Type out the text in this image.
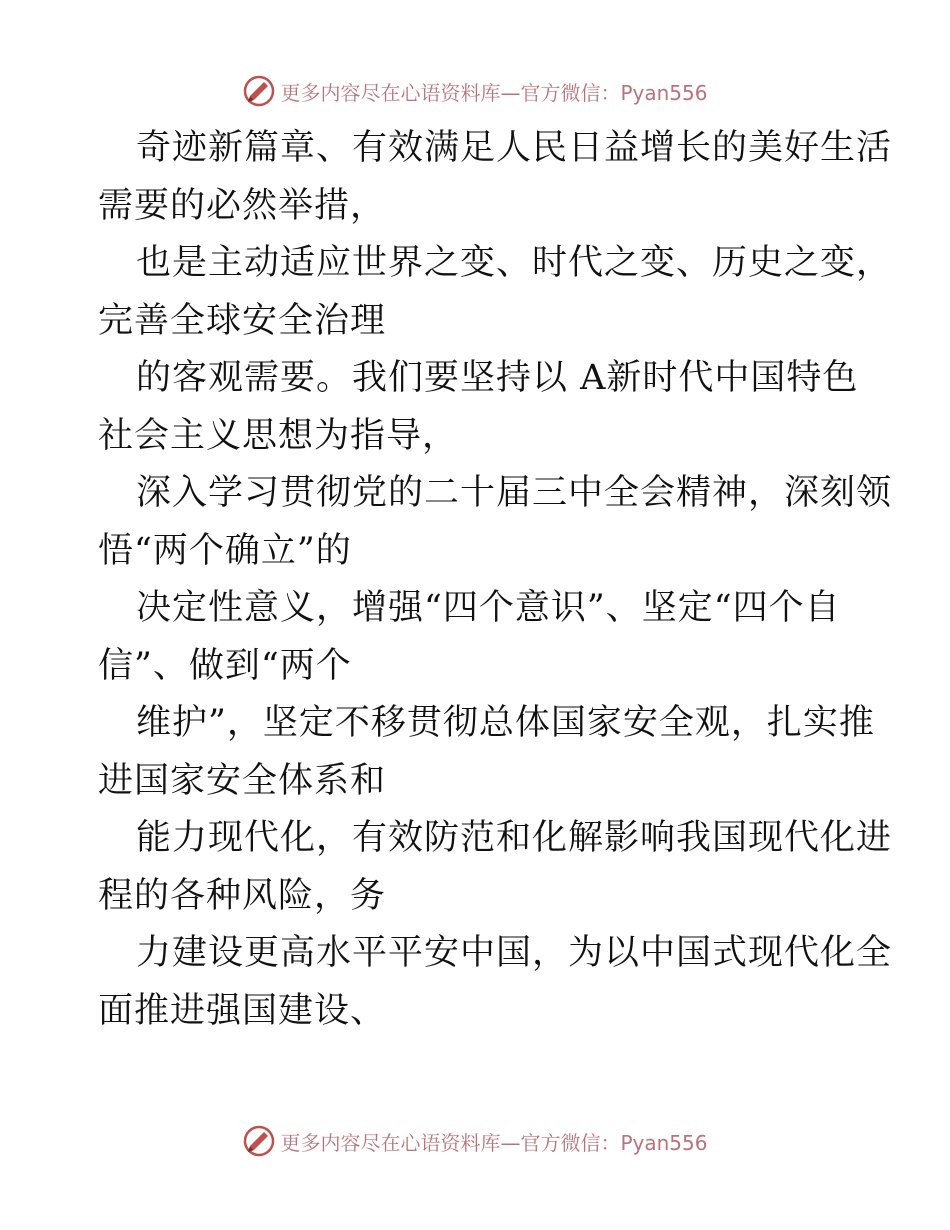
更多内容尽在心语资料库—官方微信：Pyan556
奇迹新篇章、有效满足人民日益增长的美好生活
需要的必然举措，
也是主动适应世界之变、时代之变、历史之变，
完善全球安全治理
的客观需要。我们要坚持以 A新时代中国特色
社会主义思想为指导，
深入学习贯彻党的二十届三中全会精神，深刻领
悟“两个确立”的
决定性意义，增强“四个意识”、坚定“四个自
信”、做到“两个
维护”，坚定不移贯彻总体国家安全观，扎实推
进国家安全体系和
能力现代化，有效防范和化解影响我国现代化进
程的各种风险，务
力建设更高水平平安中国，为以中国式现代化全
面推进强国建设、
更多内容尽在心语资料库—官方微信：Pyan556
